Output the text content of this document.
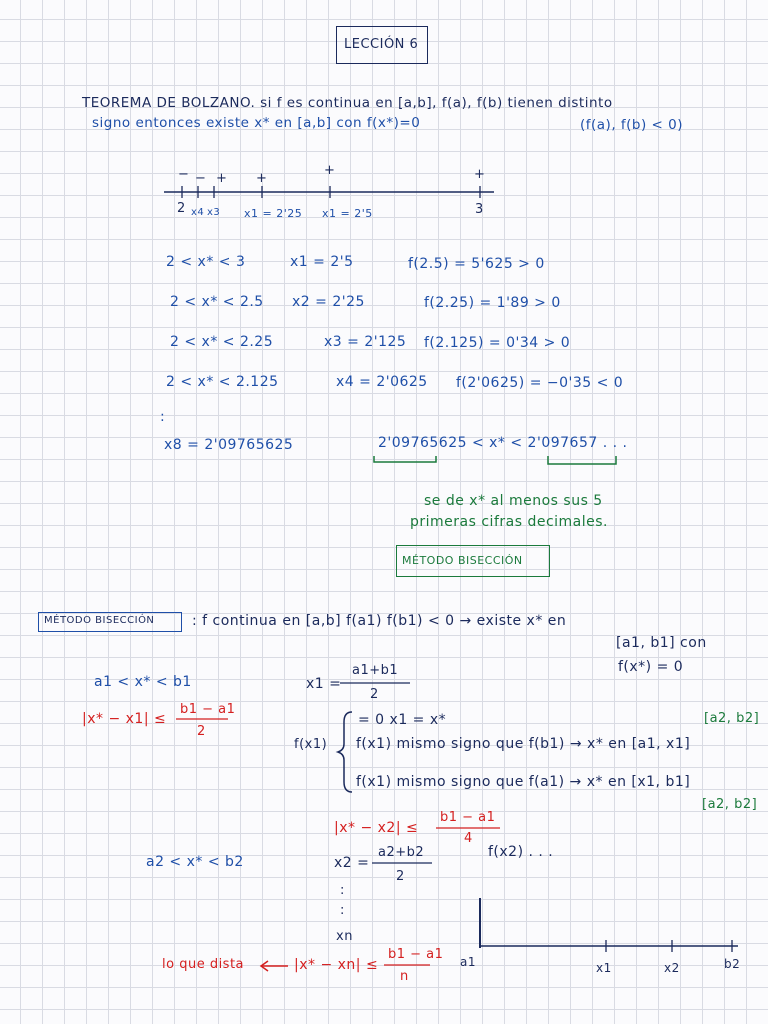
LECCIÓN 6
TEOREMA DE BOLZANO. si f es continua en [a,b], f(a), f(b) tienen distinto
signo entonces existe x* en [a,b] con f(x*)=0	(f(a), f(b) < 0)
− − + +
+	+
2 x4 x3 x1 = 2'25 x1 = 2'5	3
2 < x* < 3	x1 = 2'5	f(2.5) = 5'625 > 0
2 < x* < 2.5 x2 = 2'25	f(2.25) = 1'89 > 0
2 < x* < 2.25	x3 = 2'125 f(2.125) = 0'34 > 0
2 < x* < 2.125	x4 = 2'0625 f(2'0625) = −0'35 < 0
:
x8 = 2'09765625	2'09765625 < x* < 2'097657 . . .
se de x* al menos sus 5
primeras cifras decimales.
MÉTODO BISECCIÓN
MÉTODO BISECCIÓN	: f continua en [a,b] f(a1) f(b1) < 0 → existe x* en
[a1, b1] con
f(x*) = 0
a1 < x* < b1	x1 =
a1+b1
2
|x* − x1| ≤
b1 − a1
2
f(x1)
= 0 x1 = x*	[a2, b2]
f(x1) mismo signo que f(b1) → x* en [a1, x1]
f(x1) mismo signo que f(a1) → x* en [x1, b1]
[a2, b2]
|x* − x2| ≤
b1 − a1
4
a2 < x* < b2	x2 =
a2+b2
2
f(x2) . . .
:
:
xn
lo que dista	|x* − xn| ≤
b1 − a1
n
a1	x1	x2	b2
